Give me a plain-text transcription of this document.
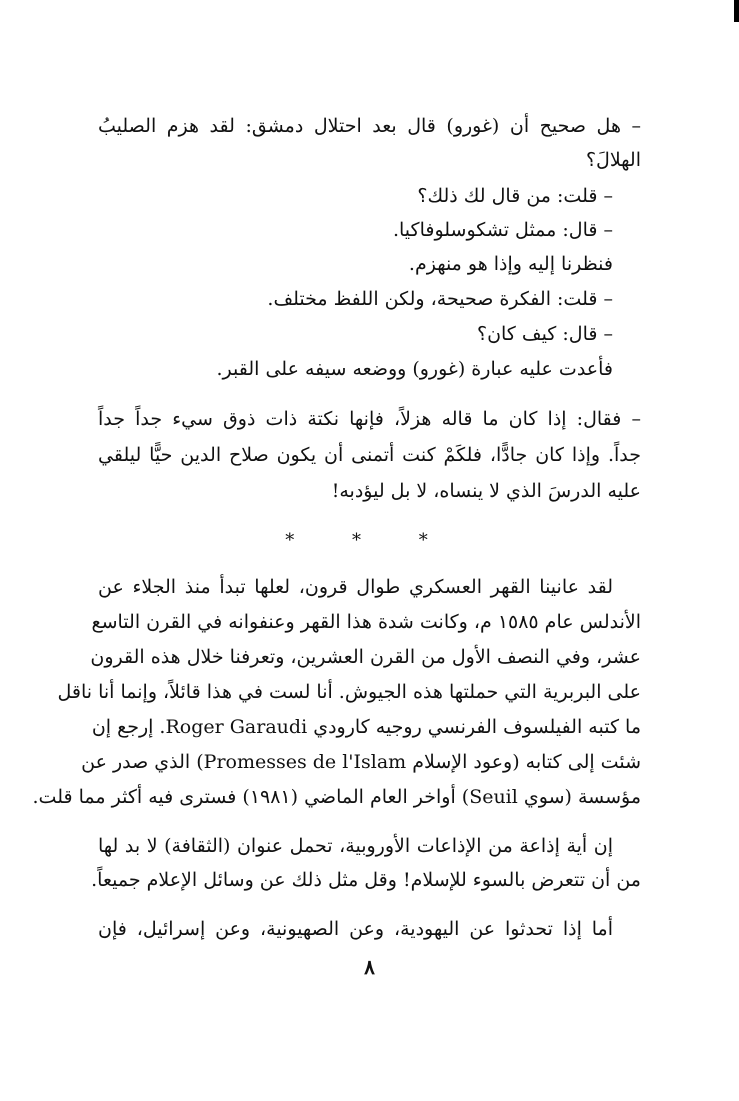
– هل صحيح أن (غورو) قال بعد احتلال دمشق: لقد هزم الصليبُ

الهلالَ؟

– قلت: من قال لك ذلك؟

– قال: ممثل تشكوسلوفاكيا.

فنظرنا إليه وإذا هو منهزم.

– قلت: الفكرة صحيحة، ولكن اللفظ مختلف.

– قال: كيف كان؟

فأعدت عليه عبارة (غورو) ووضعه سيفه على القبر.

– فقال: إذا كان ما قاله هزلاً، فإنها نكتة ذات ذوق سيء جداً جداً

جداً. وإذا كان جادًّا، فلكَمْ كنت أتمنى أن يكون صلاح الدين حيًّا ليلقي

عليه الدرسَ الذي لا ينساه، لا بل ليؤدبه!

* * *

لقد عانينا القهر العسكري طوال قرون، لعلها تبدأ منذ الجلاء عن

الأندلس عام ١٥٨٥ م، وكانت شدة هذا القهر وعنفوانه في القرن التاسع

عشر، وفي النصف الأول من القرن العشرين، وتعرفنا خلال هذه القرون

على البربرية التي حملتها هذه الجيوش. أنا لست في هذا قائلاً، وإنما أنا ناقل

ما كتبه الفيلسوف الفرنسي روجيه كارودي Roger Garaudi. إرجع إن

شئت إلى كتابه (وعود الإسلام Promesses de l'Islam) الذي صدر عن

مؤسسة (سوي Seuil) أواخر العام الماضي (١٩٨١) فسترى فيه أكثر مما قلت.

إن أية إذاعة من الإذاعات الأوروبية، تحمل عنوان (الثقافة) لا بد لها

من أن تتعرض بالسوء للإسلام! وقل مثل ذلك عن وسائل الإعلام جميعاً.

أما إذا تحدثوا عن اليهودية، وعن الصهيونية، وعن إسرائيل، فإن

٨
